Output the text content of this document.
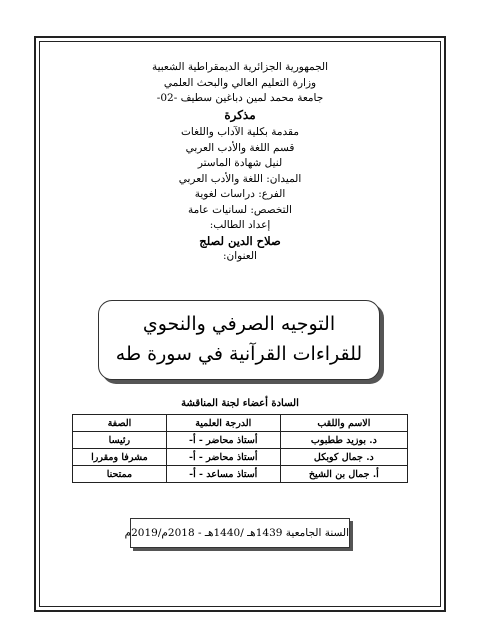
الجمهورية الجزائرية الديمقراطية الشعبية
وزارة التعليم العالي والبحث العلمي
جامعة محمد لمين دباغين سطيف -02-
مذكرة
مقدمة بكلية الآداب واللغات
قسم اللغة والأدب العربي
لنيل شهادة الماستر
الميدان: اللغة والأدب العربي
الفرع: دراسات لغوية
التخصص: لسانيات عامة
إعداد الطالب:
صلاح الدين لصلج
العنوان:
التوجيه الصرفي والنحوي
للقراءات القرآنية في سورة طه
السادة أعضاء لجنة المناقشة
الاسم واللقب	الدرجة العلمية	الصفة
د. بوزيد ططبوب	أستاذ محاضر - أ-	رئيسا
د. جمال كوبكل	أستاذ محاضر - أ-	مشرفا ومقررا
أ. جمال بن الشيخ	أستاذ مساعد - أ-	ممتحنا
السنة الجامعية 1439هـ /1440هـ - 2018م/2019م
